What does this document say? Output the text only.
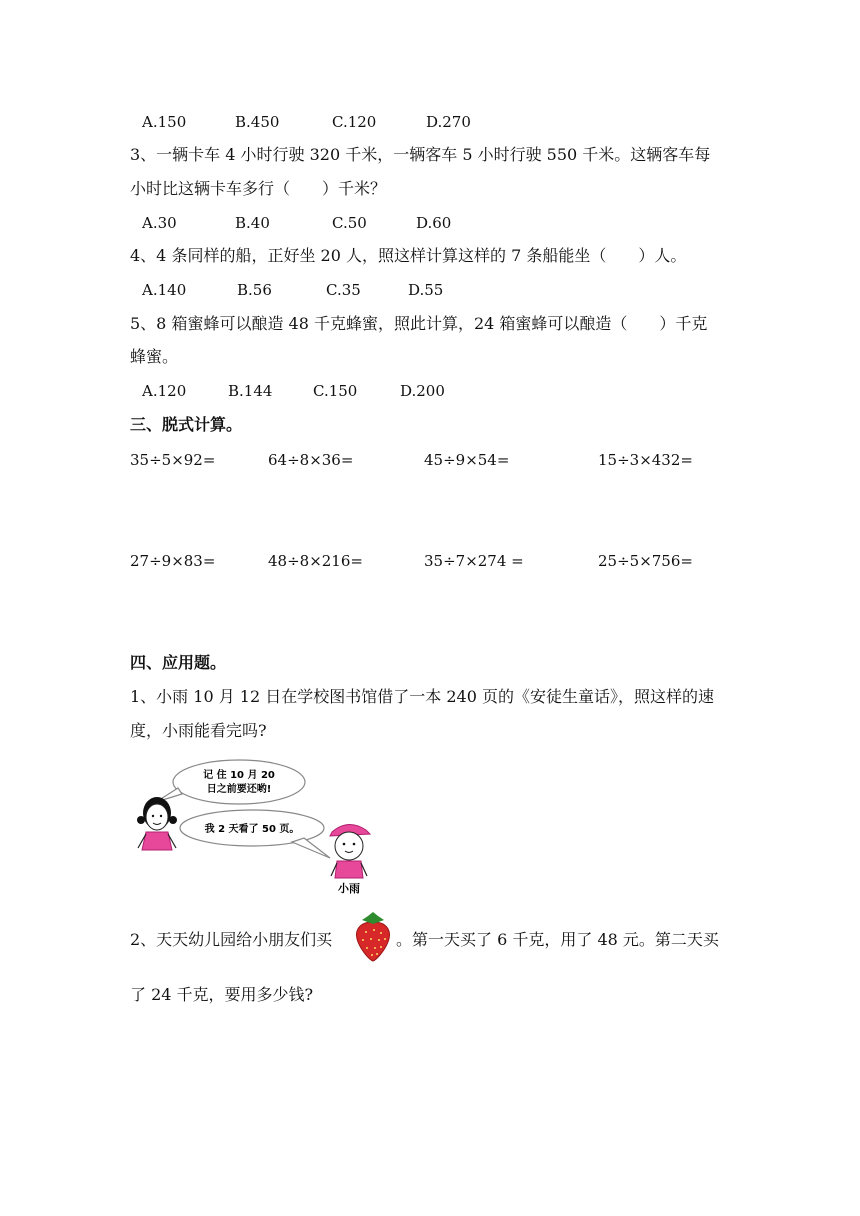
A.150	B.450	C.120	D.270
3、一辆卡车 4 小时行驶 320 千米，一辆客车 5 小时行驶 550 千米。这辆客车每
小时比这辆卡车多行（　　）千米？
A.30	B.40	C.50	D.60
4、4 条同样的船，正好坐 20 人，照这样计算这样的 7 条船能坐（　　）人。
A.140	B.56	C.35	D.55
5、8 箱蜜蜂可以酿造 48 千克蜂蜜，照此计算，24 箱蜜蜂可以酿造（　　）千克
蜂蜜。
A.120	B.144	C.150	D.200
三、脱式计算。
35÷5×92=	64÷8×36=	45÷9×54=	15÷3×432=
27÷9×83=	48÷8×216=	35÷7×274 =	25÷5×756=
四、应用题。
1、小雨 10 月 12 日在学校图书馆借了一本 240 页的《安徒生童话》，照这样的速
度，小雨能看完吗?
记 住 10 月 20
日之前要还哟!
我 2 天看了 50 页。
小雨
2、天天幼儿园给小朋友们买	。第一天买了 6 千克，用了 48 元。第二天买
了 24 千克，要用多少钱?
